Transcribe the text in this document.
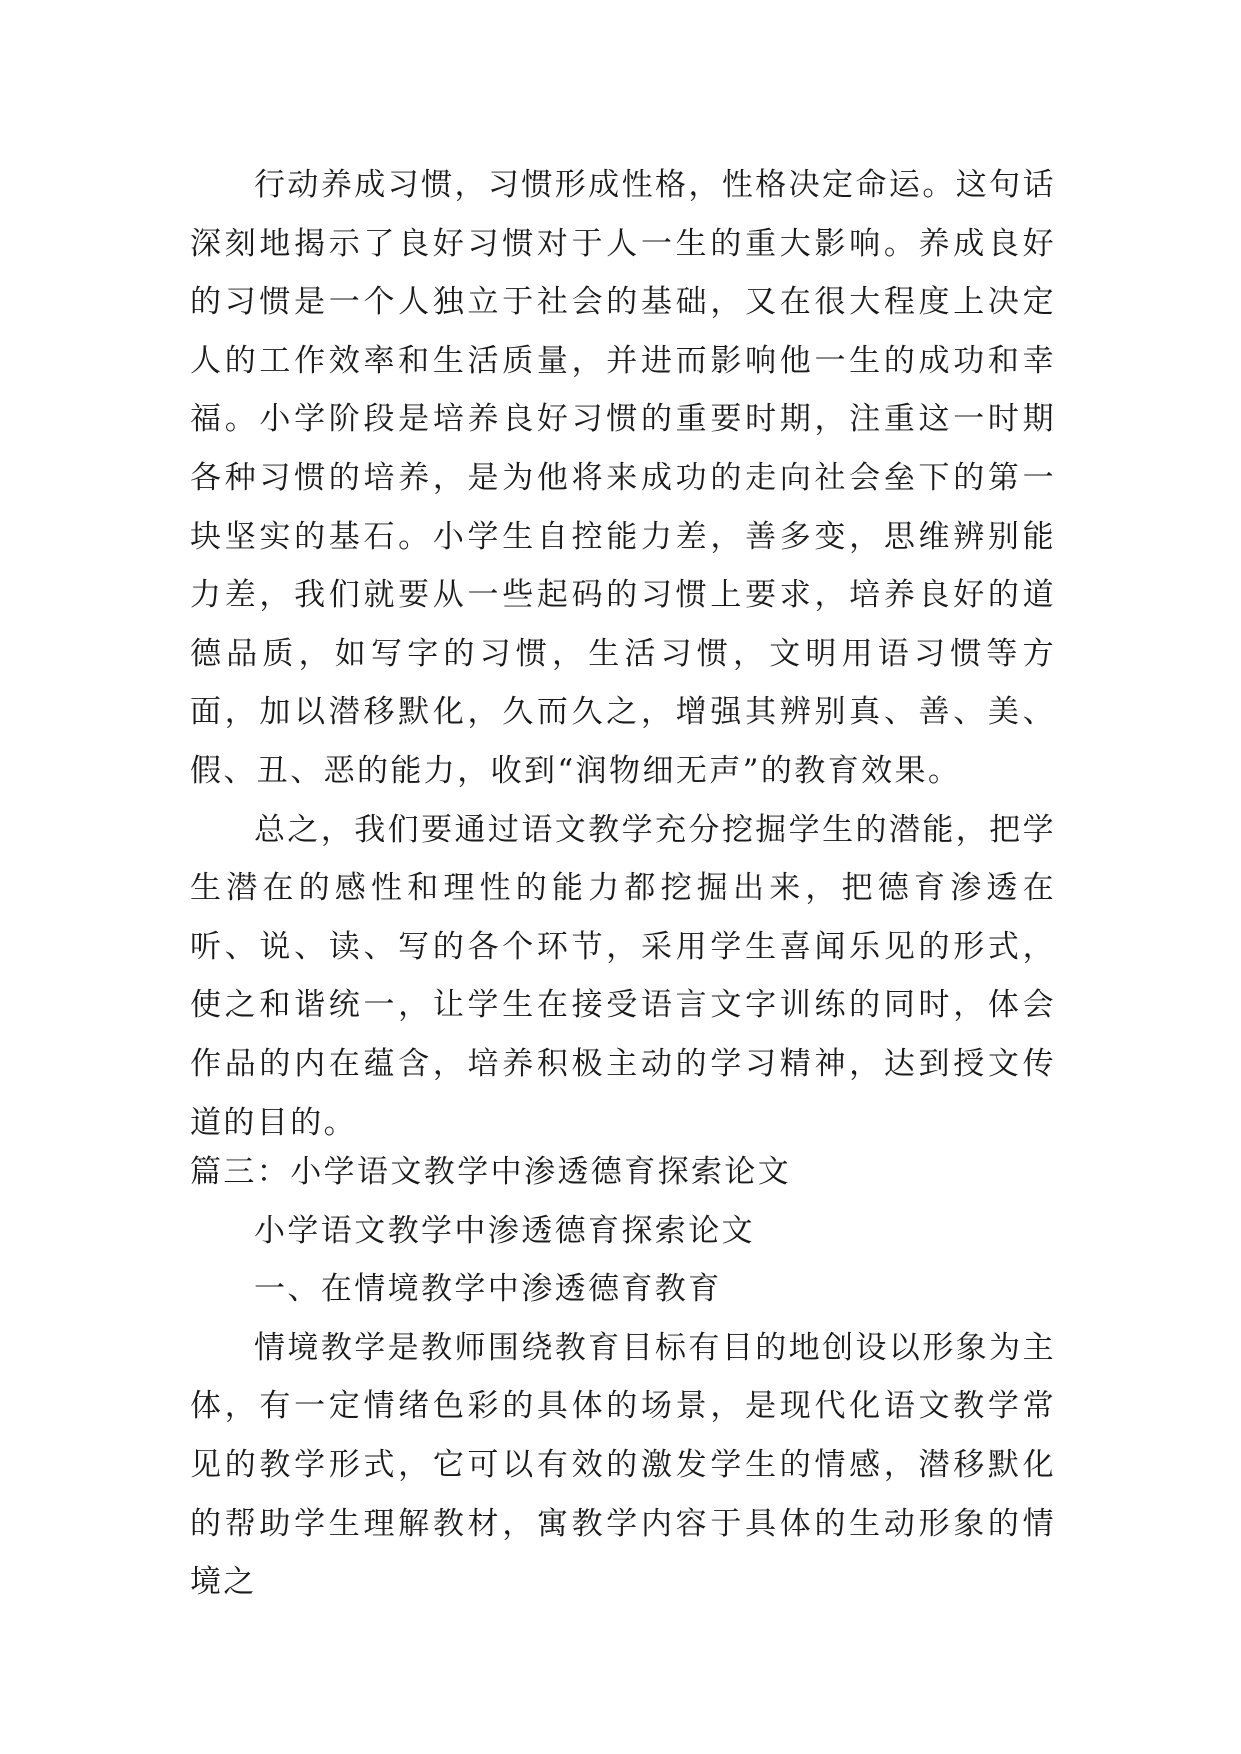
行动养成习惯，习惯形成性格，性格决定命运。这句话深刻地揭示了良好习惯对于人一生的重大影响。养成良好的习惯是一个人独立于社会的基础，又在很大程度上决定人的工作效率和生活质量，并进而影响他一生的成功和幸福。小学阶段是培养良好习惯的重要时期，注重这一时期各种习惯的培养，是为他将来成功的走向社会垒下的第一块坚实的基石。小学生自控能力差，善多变，思维辨别能力差，我们就要从一些起码的习惯上要求，培养良好的道德品质，如写字的习惯，生活习惯，文明用语习惯等方面，加以潜移默化，久而久之，增强其辨别真、善、美、假、丑、恶的能力，收到“润物细无声”的教育效果。

总之，我们要通过语文教学充分挖掘学生的潜能，把学生潜在的感性和理性的能力都挖掘出来，把德育渗透在听、说、读、写的各个环节，采用学生喜闻乐见的形式，使之和谐统一，让学生在接受语言文字训练的同时，体会作品的内在蕴含，培养积极主动的学习精神，达到授文传道的目的。

篇三：小学语文教学中渗透德育探索论文

小学语文教学中渗透德育探索论文

一、在情境教学中渗透德育教育

情境教学是教师围绕教育目标有目的地创设以形象为主体，有一定情绪色彩的具体的场景，是现代化语文教学常见的教学形式，它可以有效的激发学生的情感，潜移默化的帮助学生理解教材，寓教学内容于具体的生动形象的情境之
